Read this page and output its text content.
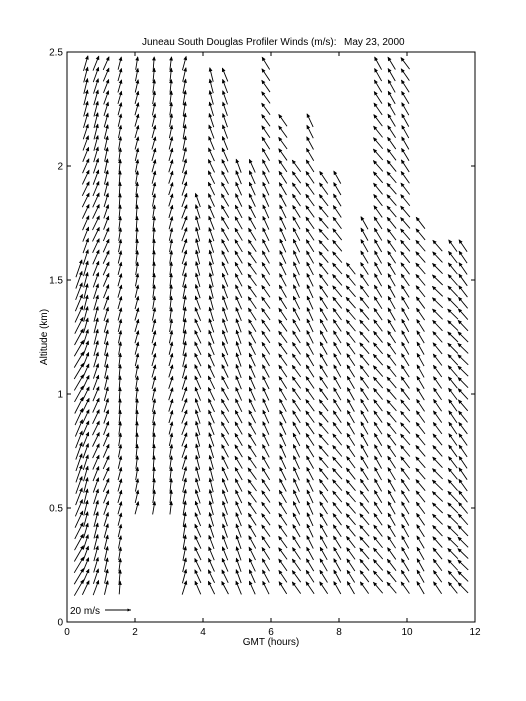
Juneau South Douglas Profiler Winds (m/s): May 23, 2000
0	2	4	6	8	10	12
0
0.5
1
1.5
2
2.5
GMT (hours)
Altitude (km)
20 m/s
